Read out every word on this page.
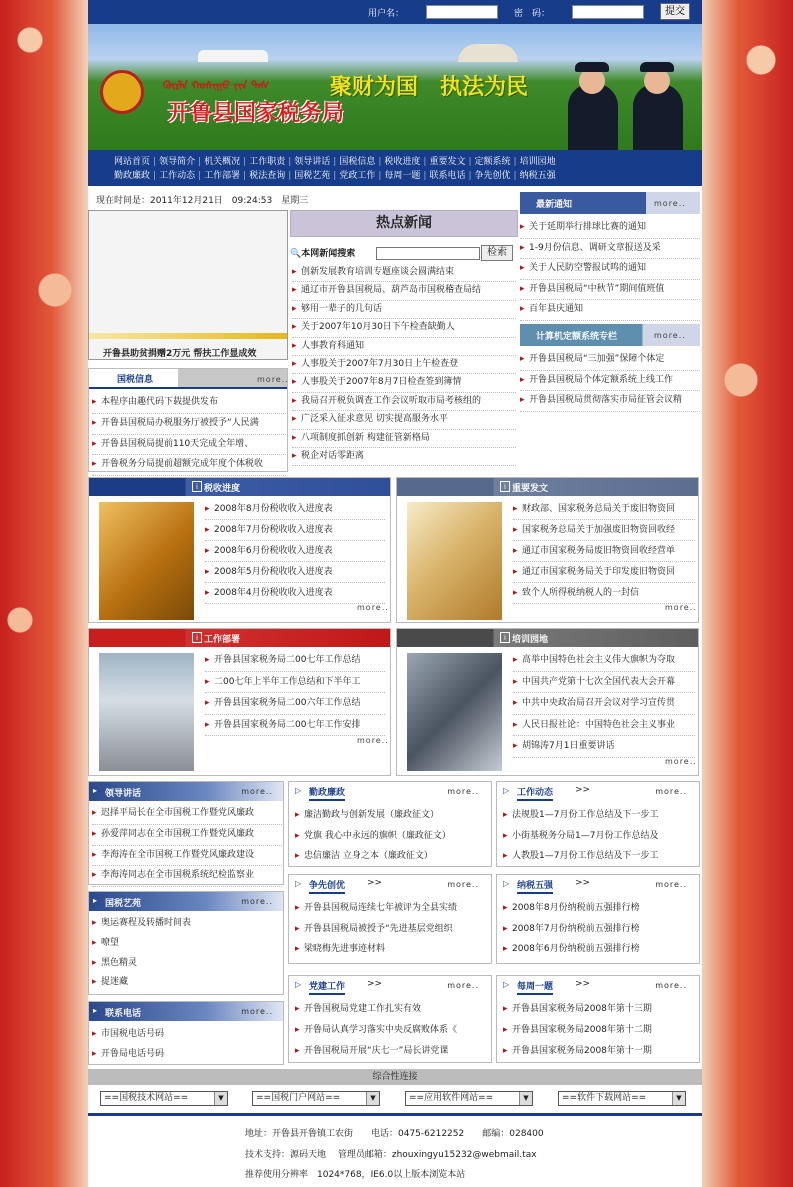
用户名：	密　码：	提交
ᠬᠥᠷᠯᠡ ᠬᠣᠰᠢᠭᠤ ᠶᠢᠨ ᠲᠡᠰ
开鲁县国家税务局
聚财为国　执法为民
网站首页 | 领导简介 | 机关概况 | 工作职责 | 领导讲话 | 国税信息 | 税收进度 | 重要发文 | 定额系统 | 培训园地
勤政廉政 | 工作动态 | 工作部署 | 税法查询 | 国税艺苑 | 党政工作 | 每周一题 | 联系电话 | 争先创优 | 纳税五强
现在时间是：2011年12月21日　09:24:53　星期三
开鲁县助贫捐赠2万元 帮扶工作显成效
热点新闻
🔍本网新闻搜索	检索
▸ 创新发展教育培训专题座谈会圆满结束
▸ 通辽市开鲁县国税局、葫芦岛市国税稽查局结
▸ 够用一辈子的几句话
▸ 关于2007年10月30日下午检查缺勤人
▸ 人事教育科通知
▸ 人事股关于2007年7月30日上午检查登
▸ 人事股关于2007年8月7日检查签到簿情
▸ 我局召开税负调查工作会议听取市局考核组的
▸ 广泛采入征求意见 切实提高服务水平
▸ 八项制度抓创新 构建征管新格局
▸ 税企对话零距离
最新通知	more..
▸ 关于延期举行排球比赛的通知
▸ 1-9月份信息、调研文章报送及采
▸ 关于人民防空警报试鸣的通知
▸ 开鲁县国税局“中秋节”期间值班值
▸ 百年县庆通知
计算机定额系统专栏	more..
▸ 开鲁县国税局“三加强”保障个体定
▸ 开鲁县国税局个体定额系统上线工作
▸ 开鲁县国税局贯彻落实市局征管会议精
国税信息	more..
▸ 本程序由趣代码下载提供发布
▸ 开鲁县国税局办税服务厅被授予“人民满
▸ 开鲁县国税局提前110天完成全年增、
▸ 开鲁税务分局提前超额完成年度个体税收
i 税收进度
▸ 2008年8月份税收收入进度表
▸ 2008年7月份税收收入进度表
▸ 2008年6月份税收收入进度表
▸ 2008年5月份税收收入进度表
▸ 2008年4月份税收收入进度表
more..
i 重要发文
▸ 财政部、国家税务总局关于废旧物资回
▸ 国家税务总局关于加强废旧物资回收经
▸ 通辽市国家税务局废旧物资回收经营单
▸ 通辽市国家税务局关于印发废旧物资回
▸ 致个人所得税纳税人的一封信
more..
i 工作部署
▸ 开鲁县国家税务局二00七年工作总结
▸ 二00七年上半年工作总结和下半年工
▸ 开鲁县国家税务局二00六年工作总结
▸ 开鲁县国家税务局二00七年工作安排
more..
i 培训园地
▸ 高举中国特色社会主义伟大旗帜为夺取
▸ 中国共产党第十七次全国代表大会开幕
▸ 中共中央政治局召开会议对学习宣传贯
▸ 人民日报社论：中国特色社会主义事业
▸ 胡锦涛7月1日重要讲话
more..
▸ 领导讲话	more..
▸ 迟择平局长在全市国税工作暨党风廉政
▸ 孙爱萍同志在全市国税工作暨党风廉政
▸ 李海涛在全市国税工作暨党风廉政建设
▸ 李海涛同志在全市国税系统纪检监察业
▸ 国税艺苑	more..
▸ 奥运赛程及转播时间表
▸ 嘹望
▸ 黑色精灵
▸ 捉迷藏
▸ 联系电话	more..
▸ 市国税电话号码
▸ 开鲁局电话号码
▷ 勤政廉政	more..
▸ 廉洁勤政与创新发展（廉政征文）
▸ 党旗 我心中永远的旗帜（廉政征文）
▸ 忠信廉洁 立身之本（廉政征文）
▷ 工作动态 >>	more..
▸ 法规股1—7月份工作总结及下一步工
▸ 小街基税务分局1—7月份工作总结及
▸ 人教股1—7月份工作总结及下一步工
▷ 争先创优 >>	more..
▸ 开鲁县国税局连续七年被评为全县实绩
▸ 开鲁县国税局被授予“先进基层党组织
▸ 梁晓梅先进事迹材料
▷ 纳税五强 >>	more..
▸ 2008年8月份纳税前五强排行榜
▸ 2008年7月份纳税前五强排行榜
▸ 2008年6月份纳税前五强排行榜
▷ 党建工作 >>	more..
▸ 开鲁国税局党建工作扎实有效
▸ 开鲁局认真学习落实中央反腐败体系《
▸ 开鲁国税局开展“庆七一”局长讲党课
▷ 每周一题 >>	more..
▸ 开鲁县国家税务局2008年第十三期
▸ 开鲁县国家税务局2008年第十二期
▸ 开鲁县国家税务局2008年第十一期
综合性连接
==国税技术网站==	▼	==国税门户网站==	▼	==应用软件网站==	▼	==软件下载网站==	▼
地址：开鲁县开鲁镇工农街　　电话：0475-6212252　　邮编：028400
技术支持：源码天地　 管理员邮箱：zhouxingyu15232@webmail.tax
推荐使用分辨率　1024*768，IE6.0以上版本浏览本站
